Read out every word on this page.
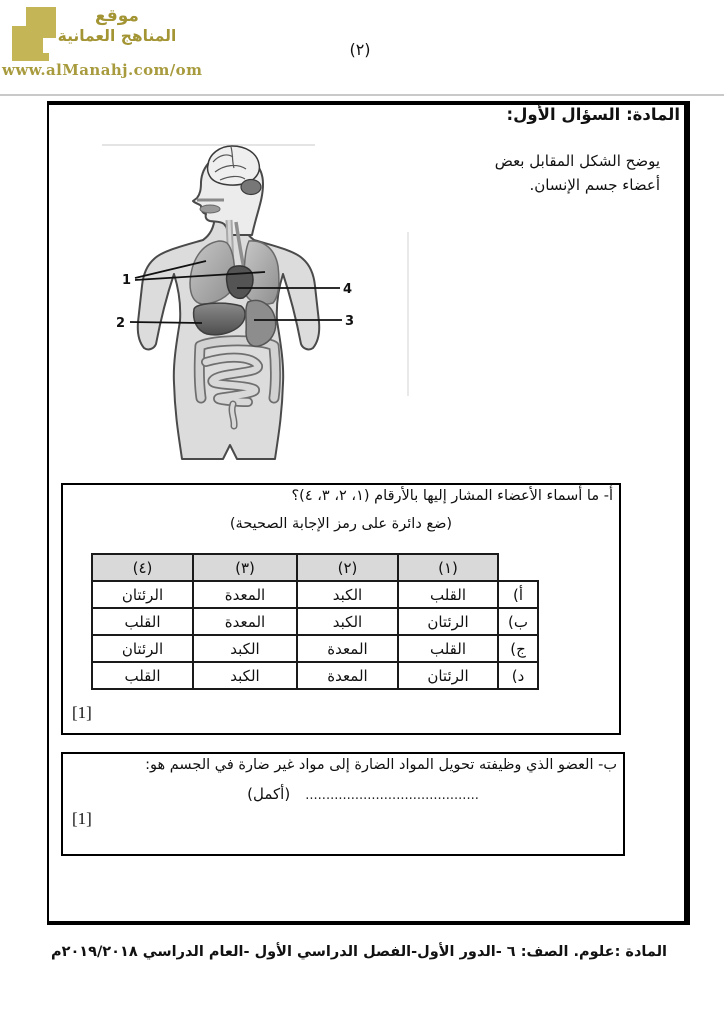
موقع
المناهج العمانية
www.alManahj.com/om
(٢)
المادة: السؤال الأول:
يوضح الشكل المقابل بعض
أعضاء جسم الإنسان.
1
2	3
4
أ- ما أسماء الأعضاء المشار إليها بالأرقام (١، ٢، ٣، ٤)؟
(ضع دائرة على رمز الإجابة الصحيحة)
	(١)	(٢)	(٣)	(٤)
أ)	القلب	الكبد	المعدة	الرئتان
ب)	الرئتان	الكبد	المعدة	القلب
ج)	القلب	المعدة	الكبد	الرئتان
د)	الرئتان	المعدة	الكبد	القلب
[1]
ب- العضو الذي وظيفته تحويل المواد الضارة إلى مواد غير ضارة في الجسم هو:
.......................................... (أكمل)
[1]
المادة :علوم. الصف: ٦ -الدور الأول-الفصل الدراسي الأول -العام الدراسي ٢٠١٩/٢٠١٨م
